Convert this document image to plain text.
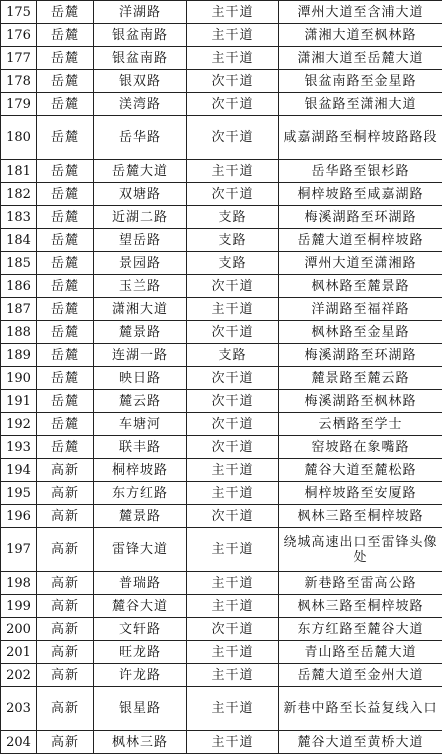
175	岳麓	洋湖路	主干道	潭州大道至含浦大道
176	岳麓	银盆南路	主干道	潇湘大道至枫林路
177	岳麓	银盆南路	主干道	潇湘大道至岳麓大道
178	岳麓	银双路	次干道	银盆南路至金星路
179	岳麓	渼湾路	次干道	银盆路至潇湘大道
180	岳麓	岳华路	次干道	咸嘉湖路至桐梓坡路路段
181	岳麓	岳麓大道	主干道	岳华路至银杉路
182	岳麓	双塘路	次干道	桐梓坡路至咸嘉湖路
183	岳麓	近湖二路	支路	梅溪湖路至环湖路
184	岳麓	望岳路	支路	岳麓大道至桐梓坡路
185	岳麓	景园路	支路	潭州大道至潇湘路
186	岳麓	玉兰路	次干道	枫林路至麓景路
187	岳麓	潇湘大道	主干道	洋湖路至福祥路
188	岳麓	麓景路	次干道	枫林路至金星路
189	岳麓	连湖一路	支路	梅溪湖路至环湖路
190	岳麓	映日路	次干道	麓景路至麓云路
191	岳麓	麓云路	次干道	梅溪湖路至枫林路
192	岳麓	车塘河	次干道	云栖路至学士
193	岳麓	联丰路	次干道	窑坡路在象嘴路
194	高新	桐梓坡路	主干道	麓谷大道至麓松路
195	高新	东方红路	主干道	桐梓坡路至安厦路
196	高新	麓景路	次干道	枫林三路至桐梓坡路
197	高新	雷锋大道	主干道	绕城高速出口至雷锋头像处
198	高新	普瑞路	主干道	新巷路至雷高公路
199	高新	麓谷大道	主干道	枫林三路至桐梓坡路
200	高新	文轩路	次干道	东方红路至麓谷大道
201	高新	旺龙路	主干道	青山路至岳麓大道
202	高新	许龙路	主干道	岳麓大道至金州大道
203	高新	银星路	主干道	新巷中路至长益复线入口
204	高新	枫林三路	主干道	麓谷大道至黄桥大道
